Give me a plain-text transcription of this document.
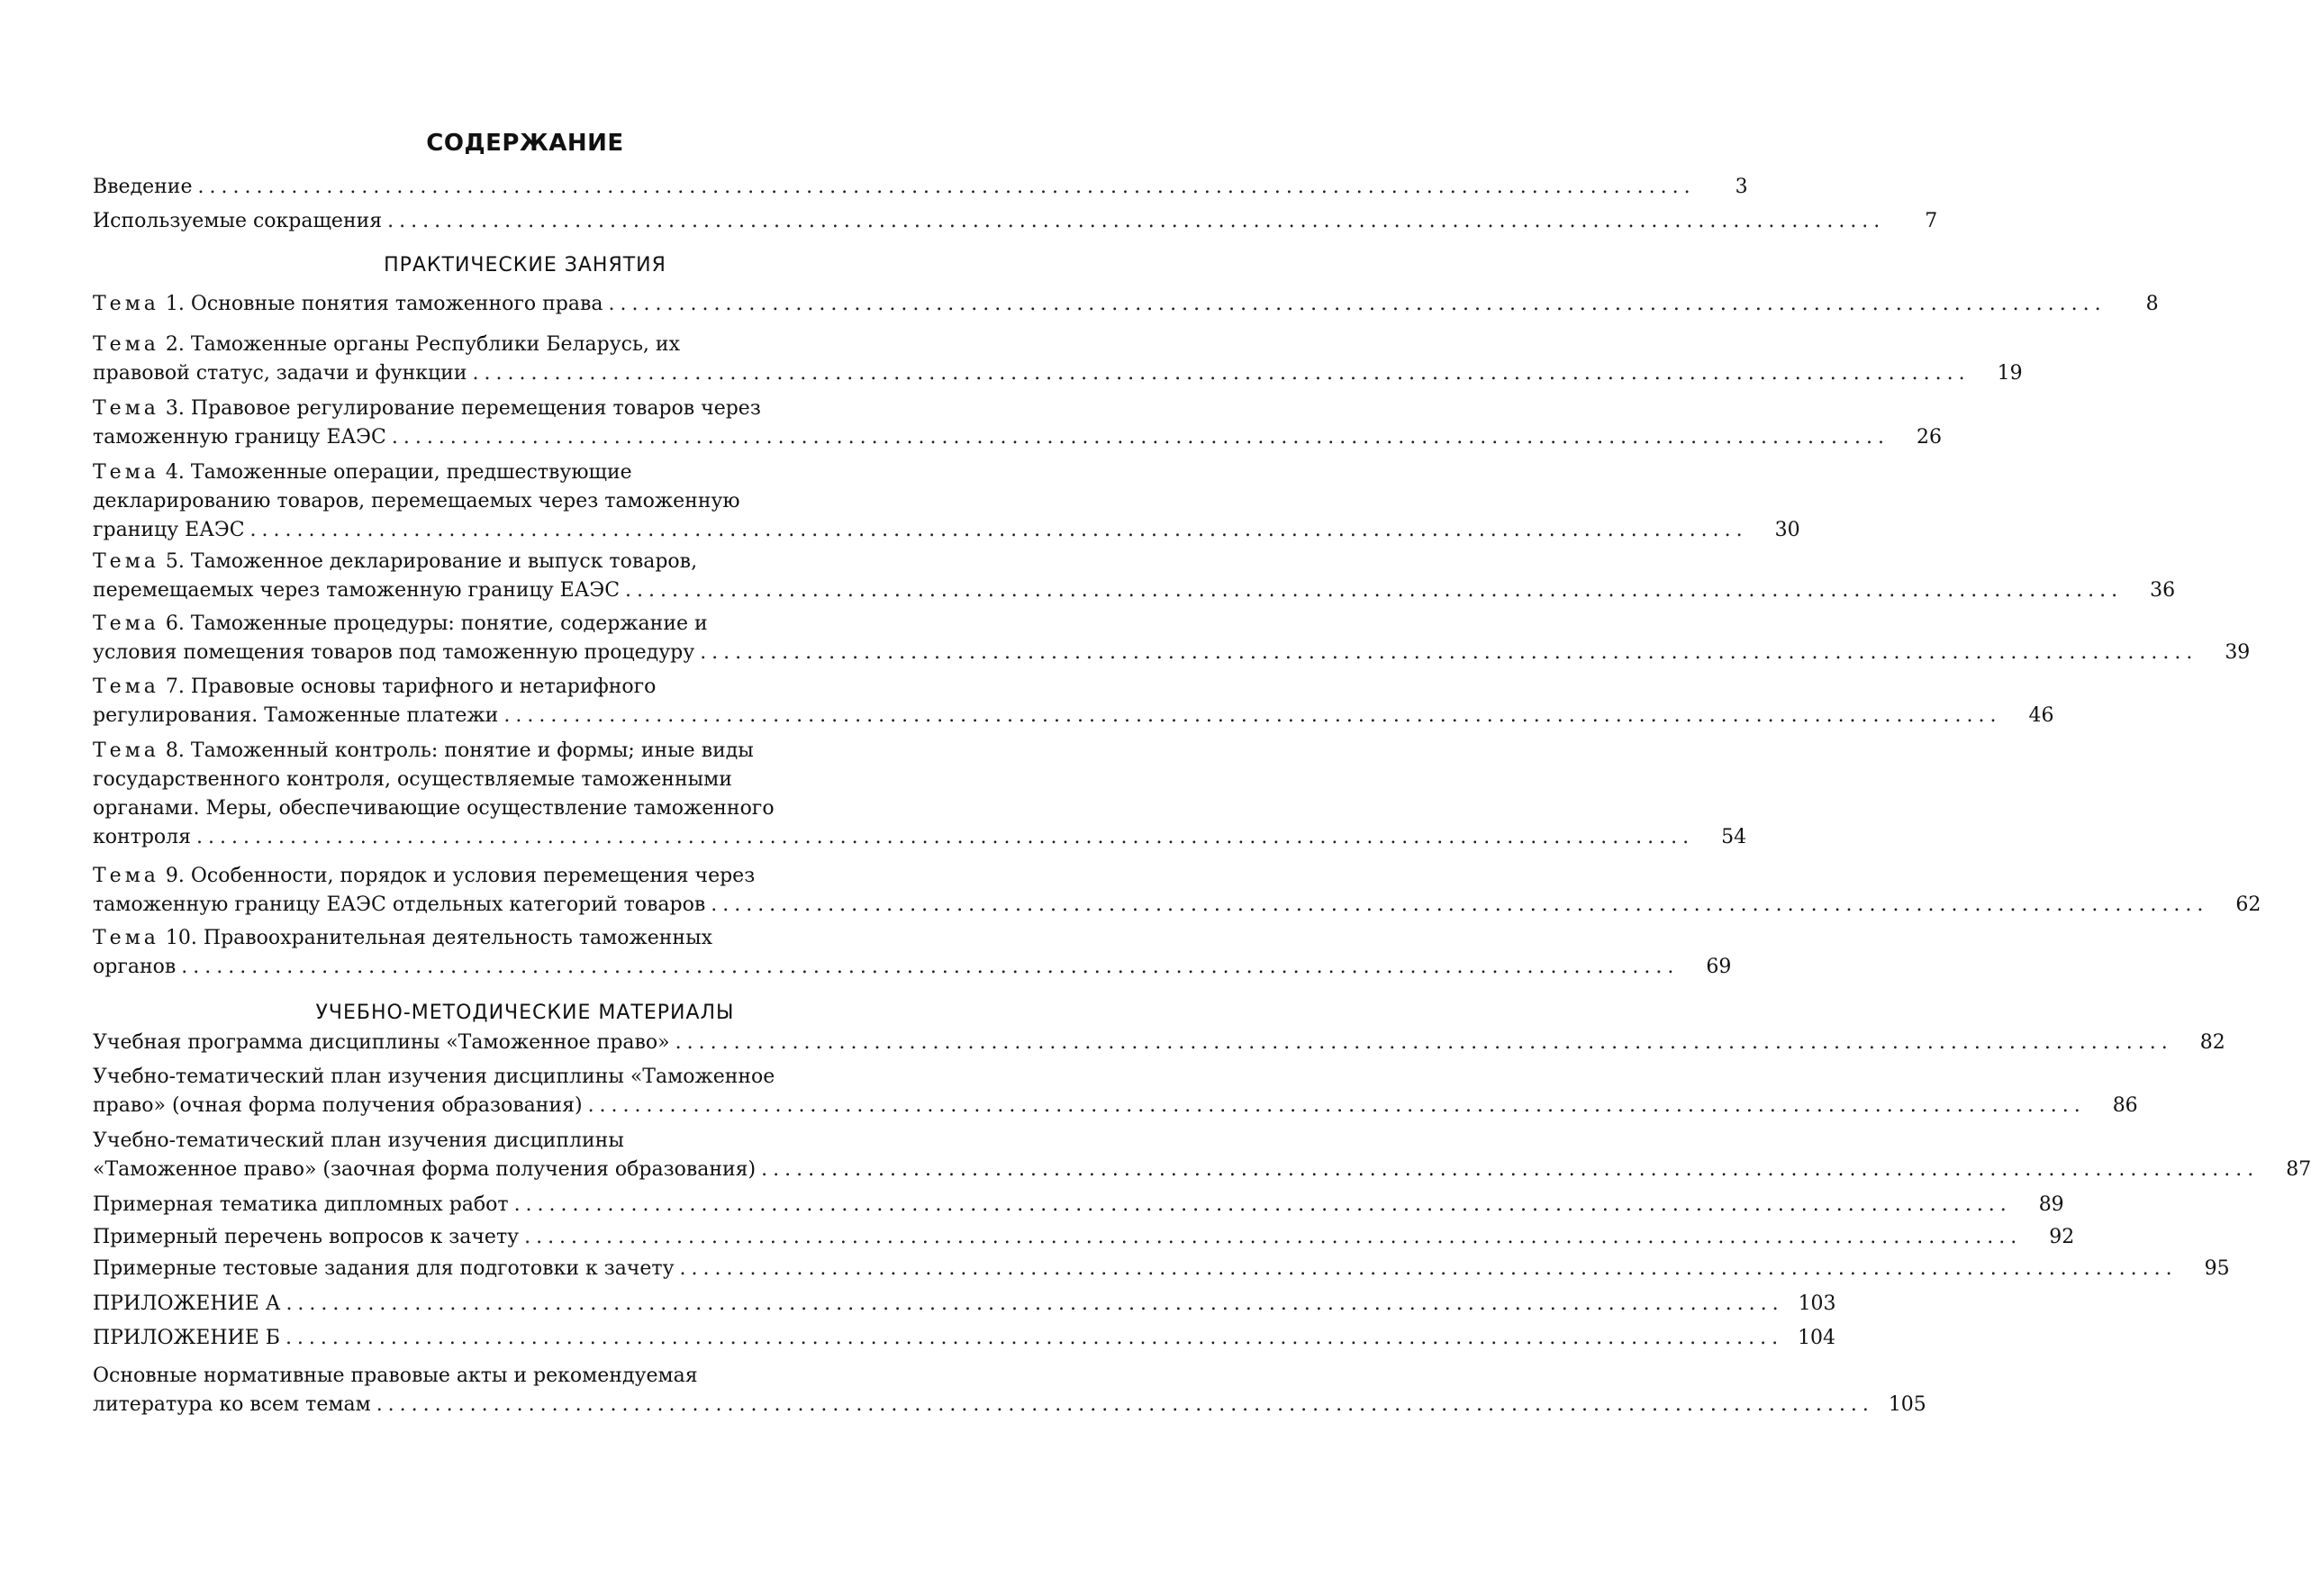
СОДЕРЖАНИЕ
Введение ................................................................................................................................	3
Используемые сокращения ................................................................................................................................	7
ПРАКТИЧЕСКИЕ ЗАНЯТИЯ
Тема 1. Основные понятия таможенного права ................................................................................................................................	8
Тема 2. Таможенные органы Республики Беларусь, их
правовой статус, задачи и функции ................................................................................................................................	19
Тема 3. Правовое регулирование перемещения товаров через
таможенную границу ЕАЭС ................................................................................................................................	26
Тема 4. Таможенные операции, предшествующие
декларированию товаров, перемещаемых через таможенную
границу ЕАЭС ................................................................................................................................	30
Тема 5. Таможенное декларирование и выпуск товаров,
перемещаемых через таможенную границу ЕАЭС ................................................................................................................................	36
Тема 6. Таможенные процедуры: понятие, содержание и
условия помещения товаров под таможенную процедуру ................................................................................................................................	39
Тема 7. Правовые основы тарифного и нетарифного
регулирования. Таможенные платежи ................................................................................................................................	46
Тема 8. Таможенный контроль: понятие и формы; иные виды
государственного контроля, осуществляемые таможенными
органами. Меры, обеспечивающие осуществление таможенного
контроля ................................................................................................................................	54
Тема 9. Особенности, порядок и условия перемещения через
таможенную границу ЕАЭС отдельных категорий товаров ................................................................................................................................	62
Тема 10. Правоохранительная деятельность таможенных
органов ................................................................................................................................	69
УЧЕБНО-МЕТОДИЧЕСКИЕ МАТЕРИАЛЫ
Учебная программа дисциплины «Таможенное право» ................................................................................................................................	82
Учебно-тематический план изучения дисциплины «Таможенное
право» (очная форма получения образования) ................................................................................................................................	86
Учебно-тематический план изучения дисциплины
«Таможенное право» (заочная форма получения образования) ................................................................................................................................	87
Примерная тематика дипломных работ ................................................................................................................................	89
Примерный перечень вопросов к зачету ................................................................................................................................	92
Примерные тестовые задания для подготовки к зачету ................................................................................................................................	95
ПРИЛОЖЕНИЕ А ................................................................................................................................ 103
ПРИЛОЖЕНИЕ Б ................................................................................................................................ 104
Основные нормативные правовые акты и рекомендуемая
литература ко всем темам ................................................................................................................................ 105
